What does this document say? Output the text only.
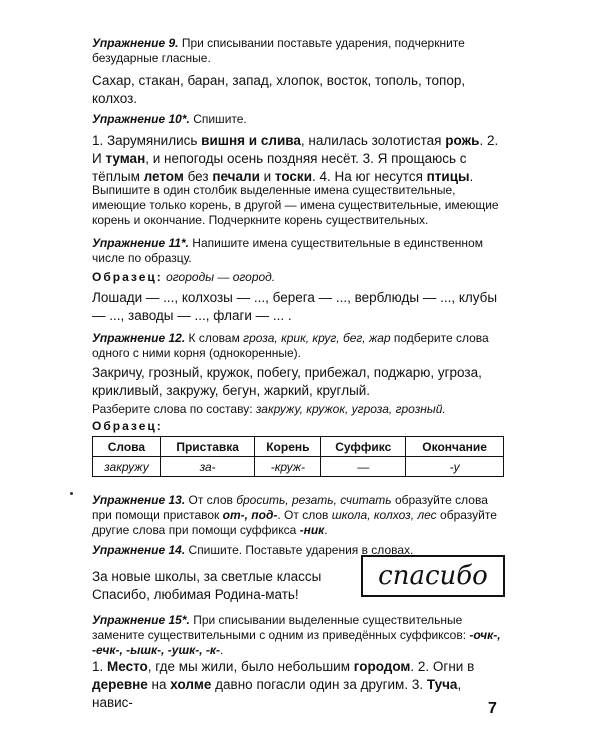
Упражнение 9. При списывании поставьте ударения, подчеркните безударные гласные.
Сахар, стакан, баран, запад, хлопок, восток, тополь, топор, колхоз.
Упражнение 10*. Спишите.
1. Зарумянились вишня и слива, налилась золотистая рожь. 2. И туман, и непогоды осень поздняя несёт. 3. Я прощаюсь с тёплым летом без печали и тоски. 4. На юг несутся птицы.
Выпишите в один столбик выделенные имена существительные, имеющие только корень, в другой — имена существительные, имеющие корень и окончание. Подчеркните корень существительных.
Упражнение 11*. Напишите имена существительные в единственном числе по образцу.
Образец: огороды — огород.
Лошади — ..., колхозы — ..., берега — ..., верблюды — ..., клубы — ..., заводы — ..., флаги — ... .
Упражнение 12. К словам гроза, крик, круг, бег, жар подберите слова одного с ними корня (однокоренные).
Закричу, грозный, кружок, побегу, прибежал, поджарю, угроза, крикливый, закружу, бегун, жаркий, круглый.
Разберите слова по составу: закружу, кружок, угроза, грозный.
Образец:
Слова	Приставка	Корень	Суффикс	Окончание
закружу	за-	-круж-	—	-у
Упражнение 13. От слов бросить, резать, считать образуйте слова при помощи приставок от-, под-. От слов школа, колхоз, лес образуйте другие слова при помощи суффикса -ник.
Упражнение 14. Спишите. Поставьте ударения в словах.
За новые школы, за светлые классы
Спасибо, любимая Родина-мать!
спасибо
Упражнение 15*. При списывании выделенные существительные замените существительными с одним из приведённых суффиксов: -очк-, -ечк-, -ышк-, -ушк-, -к-.
1. Место, где мы жили, было небольшим городом. 2. Огни в деревне на холме давно погасли один за другим. 3. Туча, навис-	7
